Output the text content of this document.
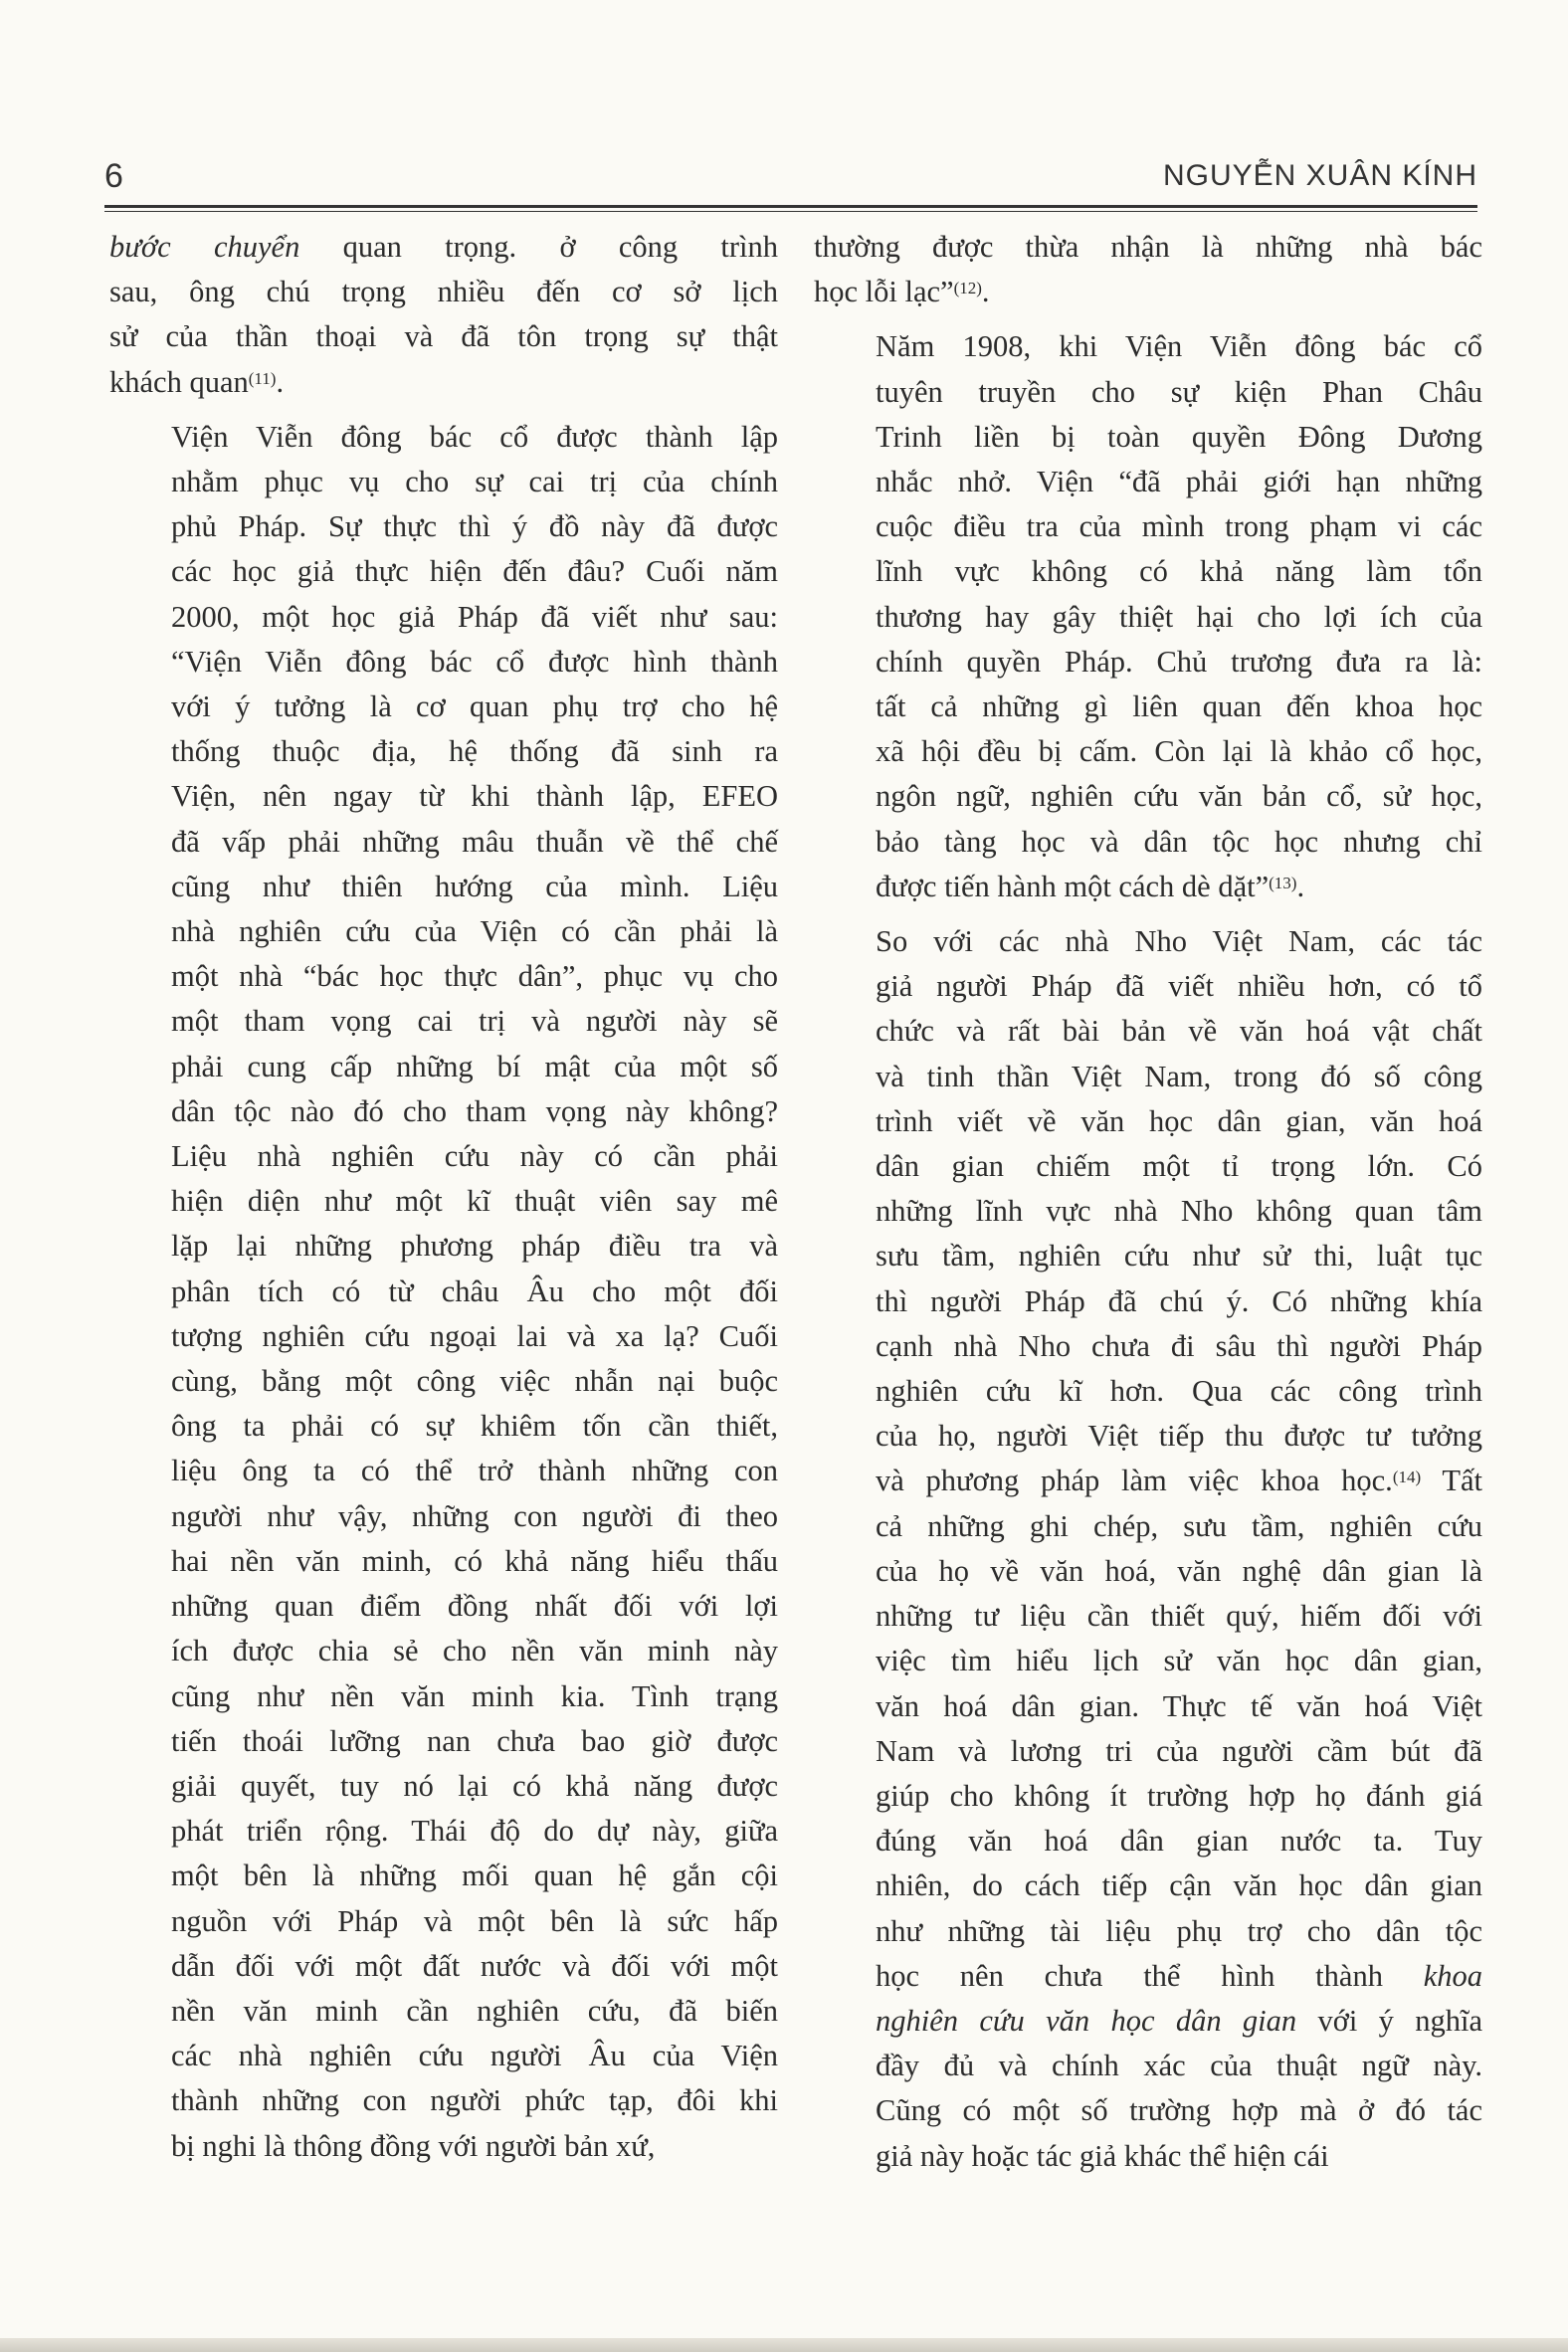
6	NGUYỄN XUÂN KÍNH

bước chuyển quan trọng. ở công trình
sau, ông chú trọng nhiều đến cơ sở lịch
sử của thần thoại và đã tôn trọng sự thật
khách quan$^{(11)}$.

Viện Viễn đông bác cổ được thành lập
nhằm phục vụ cho sự cai trị của chính
phủ Pháp. Sự thực thì ý đồ này đã được
các học giả thực hiện đến đâu? Cuối năm
2000, một học giả Pháp đã viết như sau:
“Viện Viễn đông bác cổ được hình thành
với ý tưởng là cơ quan phụ trợ cho hệ
thống thuộc địa, hệ thống đã sinh ra
Viện, nên ngay từ khi thành lập, EFEO
đã vấp phải những mâu thuẫn về thể chế
cũng như thiên hướng của mình. Liệu
nhà nghiên cứu của Viện có cần phải là
một nhà “bác học thực dân”, phục vụ cho
một tham vọng cai trị và người này sẽ
phải cung cấp những bí mật của một số
dân tộc nào đó cho tham vọng này không?
Liệu nhà nghiên cứu này có cần phải
hiện diện như một kĩ thuật viên say mê
lặp lại những phương pháp điều tra và
phân tích có từ châu Âu cho một đối
tượng nghiên cứu ngoại lai và xa lạ? Cuối
cùng, bằng một công việc nhẫn nại buộc
ông ta phải có sự khiêm tốn cần thiết,
liệu ông ta có thể trở thành những con
người như vậy, những con người đi theo
hai nền văn minh, có khả năng hiểu thấu
những quan điểm đồng nhất đối với lợi
ích được chia sẻ cho nền văn minh này
cũng như nền văn minh kia. Tình trạng
tiến thoái lưỡng nan chưa bao giờ được
giải quyết, tuy nó lại có khả năng được
phát triển rộng. Thái độ do dự này, giữa
một bên là những mối quan hệ gắn cội
nguồn với Pháp và một bên là sức hấp
dẫn đối với một đất nước và đối với một
nền văn minh cần nghiên cứu, đã biến
các nhà nghiên cứu người Âu của Viện
thành những con người phức tạp, đôi khi
bị nghi là thông đồng với người bản xứ,

thường được thừa nhận là những nhà bác
học lỗi lạc”$^{(12)}$.

Năm 1908, khi Viện Viễn đông bác cổ
tuyên truyền cho sự kiện Phan Châu
Trinh liền bị toàn quyền Đông Dương
nhắc nhở. Viện “đã phải giới hạn những
cuộc điều tra của mình trong phạm vi các
lĩnh vực không có khả năng làm tổn
thương hay gây thiệt hại cho lợi ích của
chính quyền Pháp. Chủ trương đưa ra là:
tất cả những gì liên quan đến khoa học
xã hội đều bị cấm. Còn lại là khảo cổ học,
ngôn ngữ, nghiên cứu văn bản cổ, sử học,
bảo tàng học và dân tộc học nhưng chỉ
được tiến hành một cách dè dặt”$^{(13)}$.

So với các nhà Nho Việt Nam, các tác
giả người Pháp đã viết nhiều hơn, có tổ
chức và rất bài bản về văn hoá vật chất
và tinh thần Việt Nam, trong đó số công
trình viết về văn học dân gian, văn hoá
dân gian chiếm một tỉ trọng lớn. Có
những lĩnh vực nhà Nho không quan tâm
sưu tầm, nghiên cứu như sử thi, luật tục
thì người Pháp đã chú ý. Có những khía
cạnh nhà Nho chưa đi sâu thì người Pháp
nghiên cứu kĩ hơn. Qua các công trình
của họ, người Việt tiếp thu được tư tưởng
và phương pháp làm việc khoa học.$^{(14)}$ Tất
cả những ghi chép, sưu tầm, nghiên cứu
của họ về văn hoá, văn nghệ dân gian là
những tư liệu cần thiết quý, hiếm đối với
việc tìm hiểu lịch sử văn học dân gian,
văn hoá dân gian. Thực tế văn hoá Việt
Nam và lương tri của người cầm bút đã
giúp cho không ít trường hợp họ đánh giá
đúng văn hoá dân gian nước ta. Tuy
nhiên, do cách tiếp cận văn học dân gian
như những tài liệu phụ trợ cho dân tộc
học nên chưa thể hình thành khoa
nghiên cứu văn học dân gian với ý nghĩa
đầy đủ và chính xác của thuật ngữ này.
Cũng có một số trường hợp mà ở đó tác
giả này hoặc tác giả khác thể hiện cái
